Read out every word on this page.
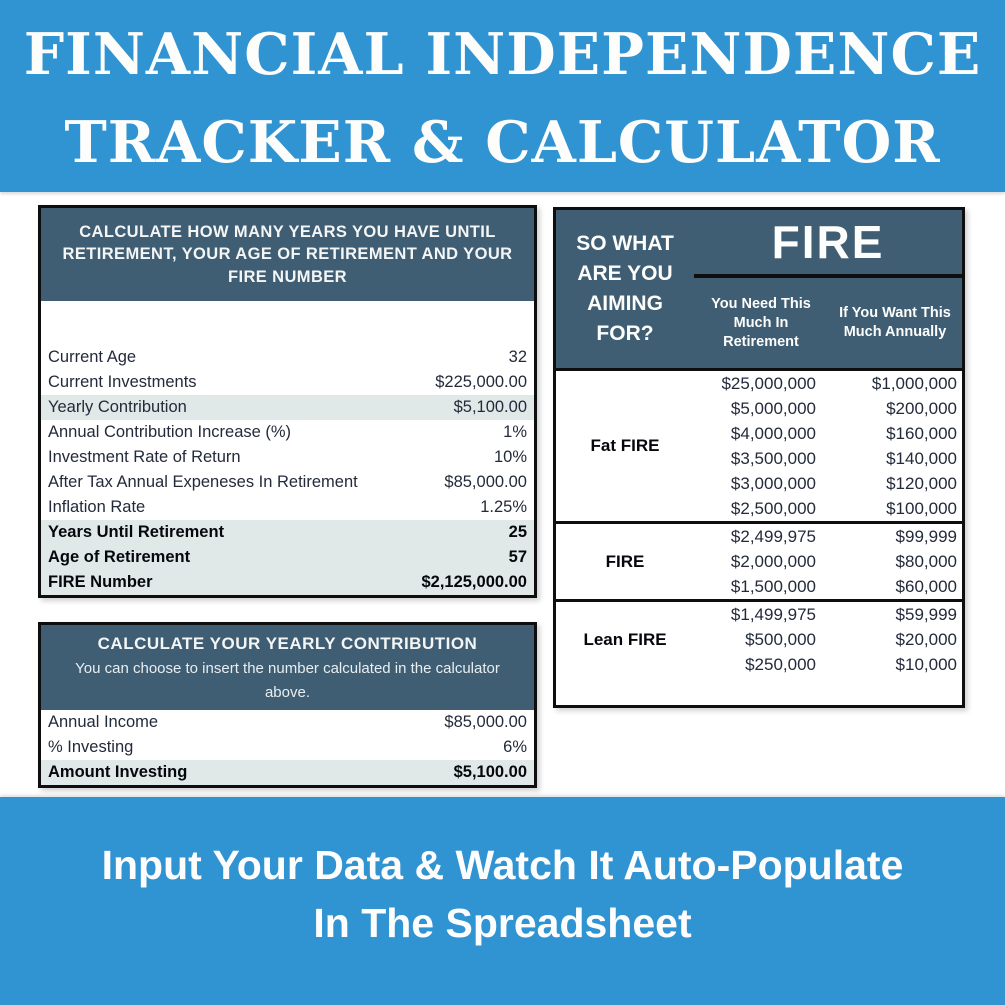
FINANCIAL INDEPENDENCE
TRACKER & CALCULATOR
CALCULATE HOW MANY YEARS YOU HAVE UNTIL RETIREMENT, YOUR AGE OF RETIREMENT AND YOUR FIRE NUMBER
Current Age	32
Current Investments	$225,000.00
Yearly Contribution	$5,100.00
Annual Contribution Increase (%)	1%
Investment Rate of Return	10%
After Tax Annual Expeneses In Retirement	$85,000.00
Inflation Rate	1.25%
Years Until Retirement	25
Age of Retirement	57
FIRE Number	$2,125,000.00
CALCULATE YOUR YEARLY CONTRIBUTION
You can choose to insert the number calculated in the calculator above.
Annual Income	$85,000.00
% Investing	6%
Amount Investing	$5,100.00
SO WHAT ARE YOU AIMING FOR?
FIRE
You Need This Much In Retirement
If You Want This Much Annually
Fat FIRE
$25,000,000	$1,000,000
$5,000,000	$200,000
$4,000,000	$160,000
$3,500,000	$140,000
$3,000,000	$120,000
$2,500,000	$100,000
FIRE
$2,499,975	$99,999
$2,000,000	$80,000
$1,500,000	$60,000
Lean FIRE
$1,499,975	$59,999
$500,000	$20,000
$250,000	$10,000
Input Your Data & Watch It Auto-Populate
In The Spreadsheet
